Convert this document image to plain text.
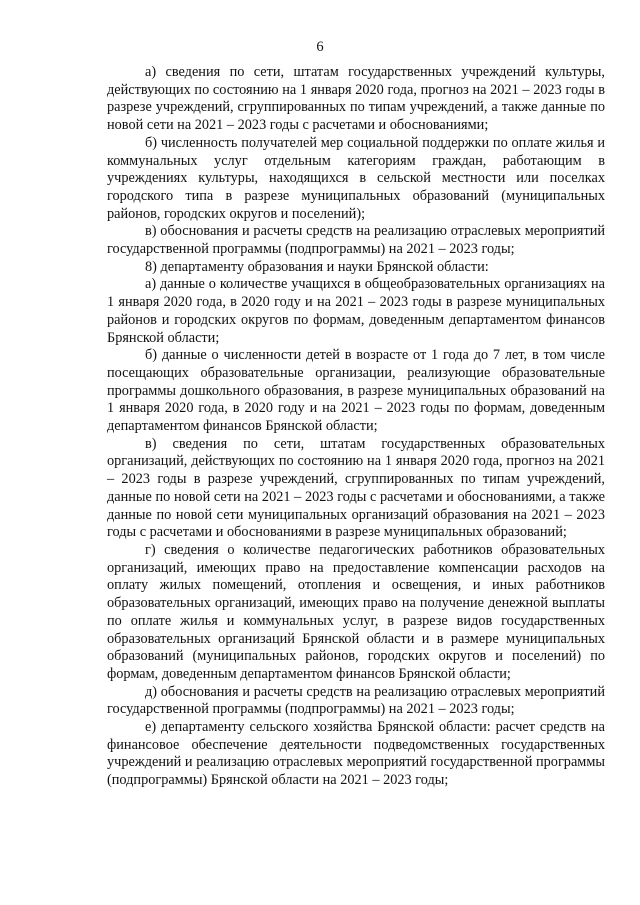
6

а) сведения по сети, штатам государственных учреждений культуры, действующих по состоянию на 1 января 2020 года, прогноз на 2021 – 2023 годы в разрезе учреждений, сгруппированных по типам учреждений, а также данные по новой сети на 2021 – 2023 годы с расчетами и обоснованиями;

б) численность получателей мер социальной поддержки по оплате жилья и коммунальных услуг отдельным категориям граждан, работающим в учреждениях культуры, находящихся в сельской местности или поселках городского типа в разрезе муниципальных образований (муниципальных районов, городских округов и поселений);

в) обоснования и расчеты средств на реализацию отраслевых мероприятий государственной программы (подпрограммы) на 2021 – 2023 годы;

8) департаменту образования и науки Брянской области:

а) данные о количестве учащихся в общеобразовательных организациях на 1 января 2020 года, в 2020 году и на 2021 – 2023 годы в разрезе муниципальных районов и городских округов по формам, доведенным департаментом финансов Брянской области;

б) данные о численности детей в возрасте от 1 года до 7 лет, в том числе посещающих образовательные организации, реализующие образовательные программы дошкольного образования, в разрезе муниципальных образований на 1 января 2020 года, в 2020 году и на 2021 – 2023 годы по формам, доведенным департаментом финансов Брянской области;

в) сведения по сети, штатам государственных образовательных организаций, действующих по состоянию на 1 января 2020 года, прогноз на 2021 – 2023 годы в разрезе учреждений, сгруппированных по типам учреждений, данные по новой сети на 2021 – 2023 годы с расчетами и обоснованиями, а также данные по новой сети муниципальных организаций образования на 2021 – 2023 годы с расчетами и обоснованиями в разрезе муниципальных образований;

г) сведения о количестве педагогических работников образовательных организаций, имеющих право на предоставление компенсации расходов на оплату жилых помещений, отопления и освещения, и иных работников образовательных организаций, имеющих право на получение денежной выплаты по оплате жилья и коммунальных услуг, в разрезе видов государственных образовательных организаций Брянской области и в размере муниципальных образований (муниципальных районов, городских округов и поселений) по формам, доведенным департаментом финансов Брянской области;

д) обоснования и расчеты средств на реализацию отраслевых мероприятий государственной программы (подпрограммы) на 2021 – 2023 годы;

е) департаменту сельского хозяйства Брянской области: расчет средств на финансовое обеспечение деятельности подведомственных государственных учреждений и реализацию отраслевых мероприятий государственной программы (подпрограммы) Брянской области на 2021 – 2023 годы;
